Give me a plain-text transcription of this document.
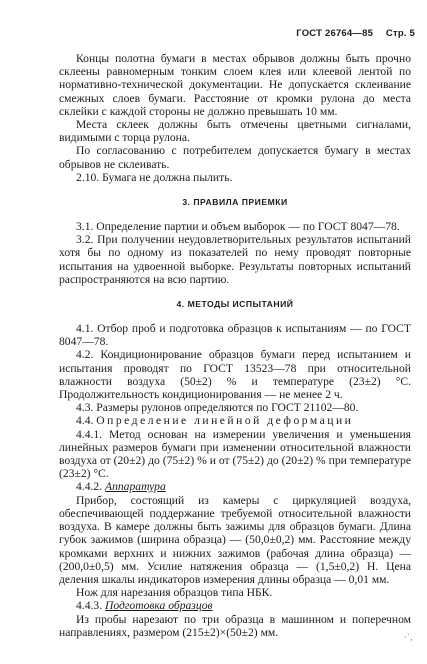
ГОСТ 26764—85 Стр. 5

Концы полотна бумаги в местах обрывов должны быть прочно склеены равномерным тонким слоем клея или клеевой лентой по нормативно-технической документации. Не допускается склеивание смежных слоев бумаги. Расстояние от кромки рулона до места склейки с каждой стороны не должно превышать 10 мм.

Места склеек должны быть отмечены цветными сигналами, видимыми с торца рулона.

По согласованию с потребителем допускается бумагу в местах обрывов не склеивать.

2.10. Бумага не должна пылить.

3. ПРАВИЛА ПРИЕМКИ

3.1. Определение партии и объем выборок — по ГОСТ 8047—78.

3.2. При получении неудовлетворительных результатов испытаний хотя бы по одному из показателей по нему проводят повторные испытания на удвоенной выборке. Результаты повторных испытаний распространяются на всю партию.

4. МЕТОДЫ ИСПЫТАНИЙ

4.1. Отбор проб и подготовка образцов к испытаниям — по ГОСТ 8047—78.

4.2. Кондиционирование образцов бумаги перед испытанием и испытания проводят по ГОСТ 13523—78 при относительной влажности воздуха (50±2) % и температуре (23±2) °С. Продолжительность кондиционирования — не менее 2 ч.

4.3. Размеры рулонов определяются по ГОСТ 21102—80.

4.4. Определение линейной деформации

4.4.1. Метод основан на измерении увеличения и уменьшения линейных размеров бумаги при изменении относительной влажности воздуха от (20±2) до (75±2) % и от (75±2) до (20±2) % при температуре (23±2) °С.

4.4.2. Аппаратура

Прибор, состоящий из камеры с циркуляцией воздуха, обеспечивающей поддержание требуемой относительной влажности воздуха. В камере должны быть зажимы для образцов бумаги. Длина губок зажимов (ширина образца) — (50,0±0,2) мм. Расстояние между кромками верхних и нижних зажимов (рабочая длина образца) — (200,0±0,5) мм. Усилие натяжения образца — (1,5±0,2) Н. Цена деления шкалы индикаторов измерения длины образца — 0,01 мм.

Нож для нарезания образцов типа НБК.

4.4.3. Подготовка образцов

Из пробы нарезают по три образца в машинном и поперечном направлениях, размером (215±2)×(50±2) мм.	·ˋ‚
